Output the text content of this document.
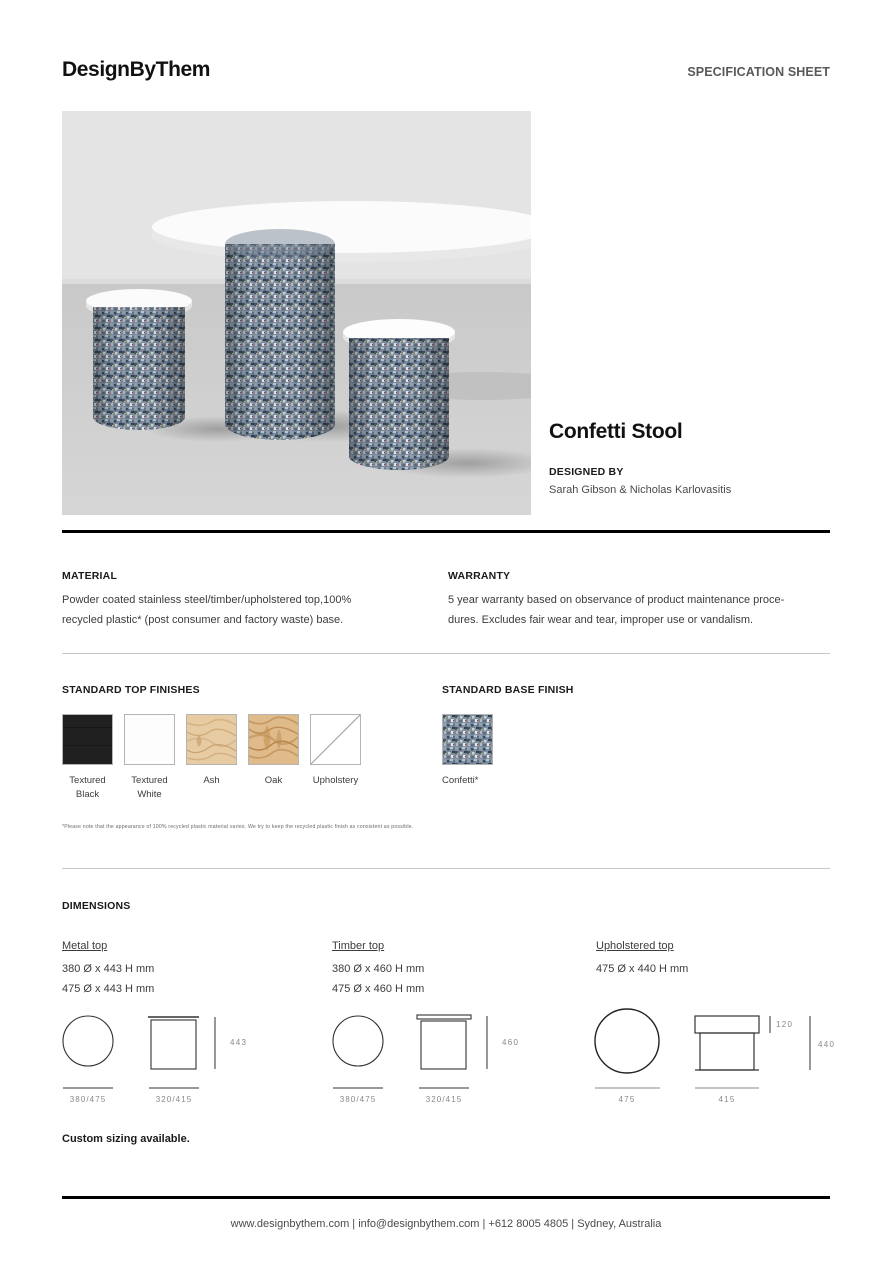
DesignByThem	SPECIFICATION SHEET
Confetti Stool
DESIGNED BY
Sarah Gibson & Nicholas Karlovasitis
MATERIAL
Powder coated stainless steel/timber/upholstered top,100%
recycled plastic* (post consumer and factory waste) base.
WARRANTY
5 year warranty based on observance of product maintenance proce-
dures. Excludes fair wear and tear, improper use or vandalism.
STANDARD TOP FINISHES
Textured
Black
Textured
White
Ash	Oak	Upholstery
STANDARD BASE FINISH
Confetti*
*Please note that the appearance of 100% recycled plastic material varies. We try to keep the recycled plastic finish as consistent as possible.
DIMENSIONS
Metal top
380 Ø x 443 H mm
475 Ø x 443 H mm
Timber top
380 Ø x 460 H mm
475 Ø x 460 H mm
Upholstered top
475 Ø x 440 H mm
380/475	320/415
443
380/475	320/415
460
475	415
120
440
Custom sizing available.
www.designbythem.com | info@designbythem.com | +612 8005 4805 | Sydney, Australia
